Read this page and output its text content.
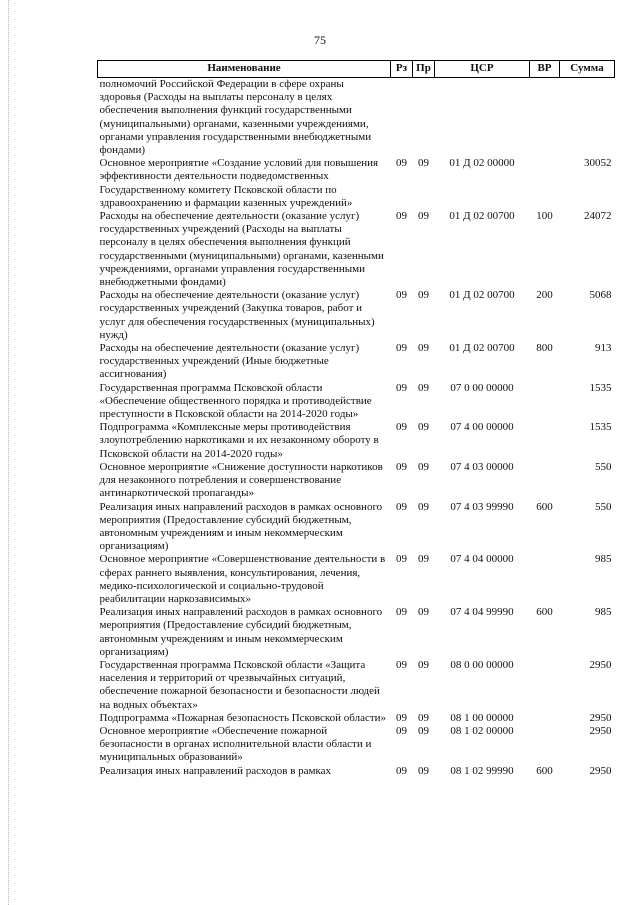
75
Наименование	Рз	Пр	ЦСР	ВР	Сумма
полномочий Российской Федерации в сфере охраны здоровья (Расходы на выплаты персоналу в целях обеспечения выполнения функций государственными (муниципальными) органами, казенными учреждениями, органами управления государственными внебюджетными фондами)					
Основное мероприятие «Создание условий для повышения эффективности деятельности подведомственных Государственному комитету Псковской области по здравоохранению и фармации казенных учреждений»	09	09	01 Д 02 00000		30052
Расходы на обеспечение деятельности (оказание услуг) государственных учреждений (Расходы на выплаты персоналу в целях обеспечения выполнения функций государственными (муниципальными) органами, казенными учреждениями, органами управления государственными внебюджетными фондами)	09	09	01 Д 02 00700	100	24072
Расходы на обеспечение деятельности (оказание услуг) государственных учреждений (Закупка товаров, работ и услуг для обеспечения государственных (муниципальных) нужд)	09	09	01 Д 02 00700	200	5068
Расходы на обеспечение деятельности (оказание услуг) государственных учреждений (Иные бюджетные ассигнования)	09	09	01 Д 02 00700	800	913
Государственная программа Псковской области «Обеспечение общественного порядка и противодействие преступности в Псковской области на 2014-2020 годы»	09	09	07 0 00 00000		1535
Подпрограмма «Комплексные меры противодействия злоупотреблению наркотиками и их незаконному обороту в Псковской области на 2014-2020 годы»	09	09	07 4 00 00000		1535
Основное мероприятие «Снижение доступности наркотиков для незаконного потребления и совершенствование антинаркотической пропаганды»	09	09	07 4 03 00000		550
Реализация иных направлений расходов в рамках основного мероприятия (Предоставление субсидий бюджетным, автономным учреждениям и иным некоммерческим организациям)	09	09	07 4 03 99990	600	550
Основное мероприятие «Совершенствование деятельности в сферах раннего выявления, консультирования, лечения, медико-психологической и социально-трудовой реабилитации наркозависимых»	09	09	07 4 04 00000		985
Реализация иных направлений расходов в рамках основного мероприятия (Предоставление субсидий бюджетным, автономным учреждениям и иным некоммерческим организациям)	09	09	07 4 04 99990	600	985
Государственная программа Псковской области «Защита населения и территорий от чрезвычайных ситуаций, обеспечение пожарной безопасности и безопасности людей на водных объектах»	09	09	08 0 00 00000		2950
Подпрограмма «Пожарная безопасность Псковской области»	09	09	08 1 00 00000		2950
Основное мероприятие «Обеспечение пожарной безопасности в органах исполнительной власти области и муниципальных образований»	09	09	08 1 02 00000		2950
Реализация иных направлений расходов в рамках	09	09	08 1 02 99990	600	2950
